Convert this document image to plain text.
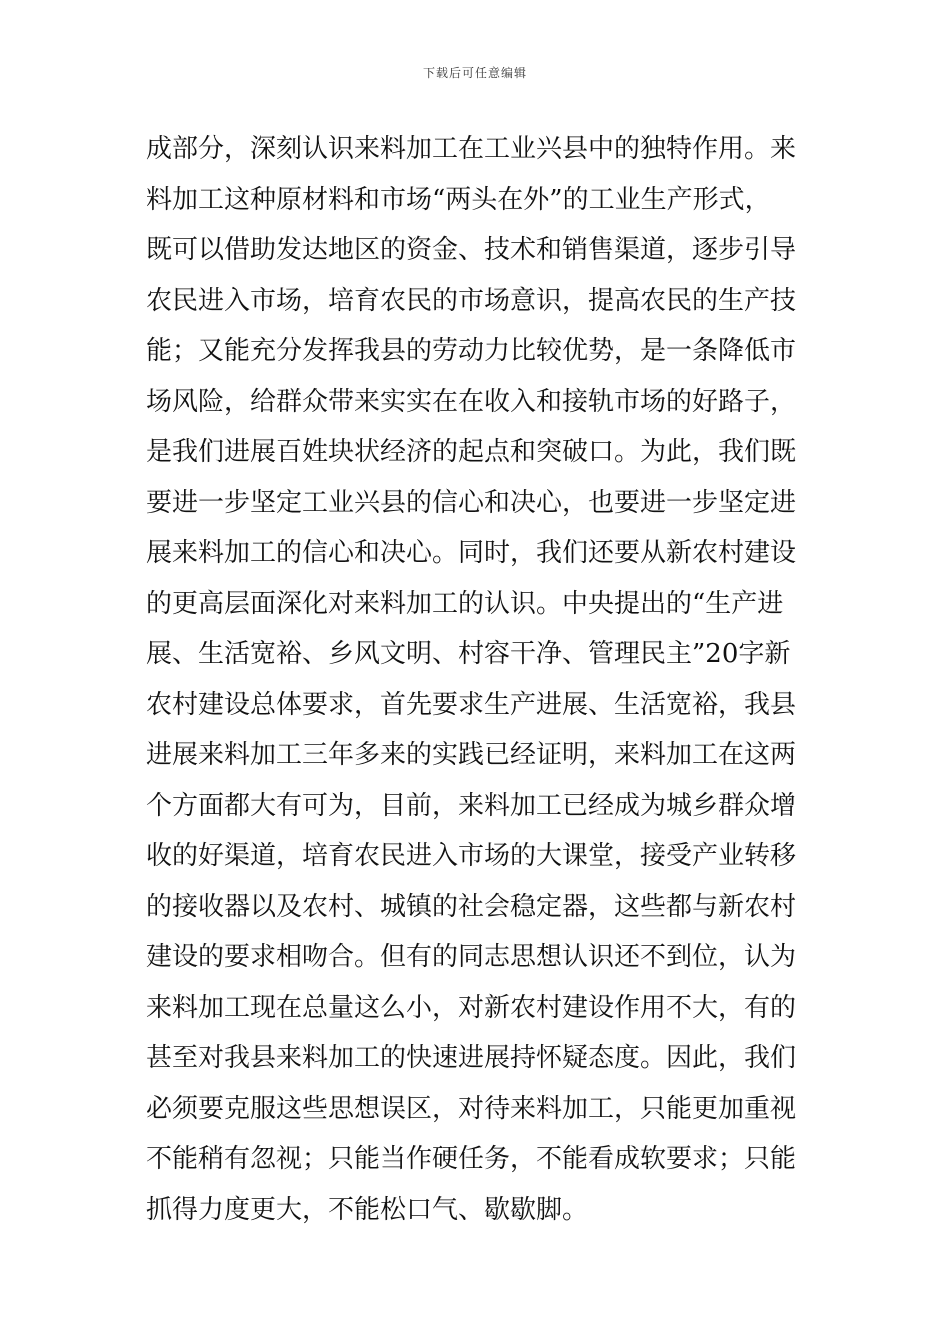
下载后可任意编辑
成部分，深刻认识来料加工在工业兴县中的独特作用。来
料加工这种原材料和市场“两头在外”的工业生产形式，
既可以借助发达地区的资金、技术和销售渠道，逐步引导
农民进入市场，培育农民的市场意识，提高农民的生产技
能；又能充分发挥我县的劳动力比较优势，是一条降低市
场风险，给群众带来实实在在收入和接轨市场的好路子，
是我们进展百姓块状经济的起点和突破口。为此，我们既
要进一步坚定工业兴县的信心和决心，也要进一步坚定进
展来料加工的信心和决心。同时，我们还要从新农村建设
的更高层面深化对来料加工的认识。中央提出的“生产进
展、生活宽裕、乡风文明、村容干净、管理民主”20字新
农村建设总体要求，首先要求生产进展、生活宽裕，我县
进展来料加工三年多来的实践已经证明，来料加工在这两
个方面都大有可为，目前，来料加工已经成为城乡群众增
收的好渠道，培育农民进入市场的大课堂，接受产业转移
的接收器以及农村、城镇的社会稳定器，这些都与新农村
建设的要求相吻合。但有的同志思想认识还不到位，认为
来料加工现在总量这么小，对新农村建设作用不大，有的
甚至对我县来料加工的快速进展持怀疑态度。因此，我们
必须要克服这些思想误区，对待来料加工，只能更加重视
不能稍有忽视；只能当作硬任务，不能看成软要求；只能
抓得力度更大，不能松口气、歇歇脚。
